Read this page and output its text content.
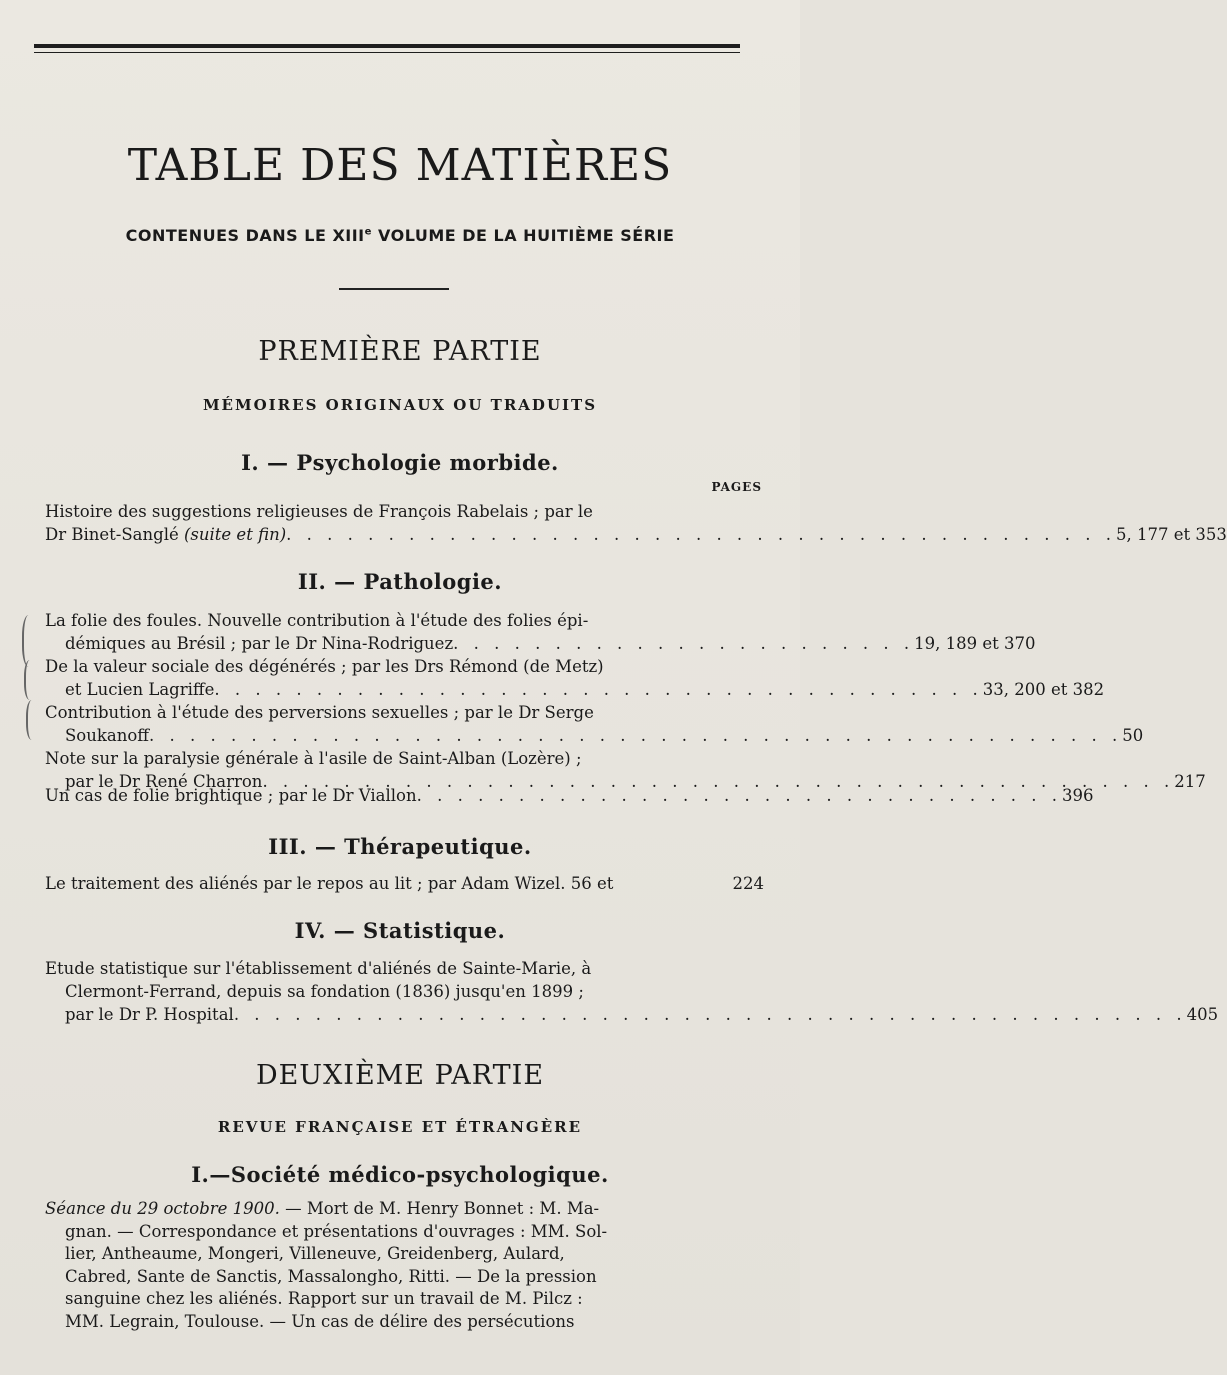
TABLE DES MATIÈRES
CONTENUES DANS LE XIIIe VOLUME DE LA HUITIÈME SÉRIE
PREMIÈRE PARTIE
MÉMOIRES ORIGINAUX OU TRADUITS
I. — Psychologie morbide.
PAGES
Histoire des suggestions religieuses de François Rabelais ; par le
Dr Binet-Sanglé (suite et fin) . . . . . . . . . . . . . . . . . . . . . . . . . . . . . . . . . . . . . . . . . 5, 177 et 353
II. — Pathologie.
La folie des foules. Nouvelle contribution à l'étude des folies épi-
démiques au Brésil ; par le Dr Nina-Rodriguez . . . . . . . . . . . . . . . . . . . . . . . 19, 189 et 370
De la valeur sociale des dégénérés ; par les Drs Rémond (de Metz)
et Lucien Lagriffe . . . . . . . . . . . . . . . . . . . . . . . . . . . . . . . . . . . . . . 33, 200 et 382
Contribution à l'étude des perversions sexuelles ; par le Dr Serge
Soukanoff . . . . . . . . . . . . . . . . . . . . . . . . . . . . . . . . . . . . . . . . . . . . . . . . 50
Note sur la paralysie générale à l'asile de Saint-Alban (Lozère) ;
par le Dr René Charron . . . . . . . . . . . . . . . . . . . . . . . . . . . . . . . . . . . . . . . . . . . . . 217
Un cas de folie brightique ; par le Dr Viallon . . . . . . . . . . . . . . . . . . . . . . . . . . . . . . . . 396
III. — Thérapeutique.
Le traitement des aliénés par le repos au lit ; par Adam Wizel. 56 et	224
IV. — Statistique.
Etude statistique sur l'établissement d'aliénés de Sainte-Marie, à
Clermont-Ferrand, depuis sa fondation (1836) jusqu'en 1899 ;
par le Dr P. Hospital . . . . . . . . . . . . . . . . . . . . . . . . . . . . . . . . . . . . . . . . . . . . . . . 405
DEUXIÈME PARTIE
REVUE FRANÇAISE ET ÉTRANGÈRE
I.—Société médico-psychologique.
Séance du 29 octobre 1900. — Mort de M. Henry Bonnet : M. Ma-
gnan. — Correspondance et présentations d'ouvrages : MM. Sol-
lier, Antheaume, Mongeri, Villeneuve, Greidenberg, Aulard,
Cabred, Sante de Sanctis, Massalongho, Ritti. — De la pression
sanguine chez les aliénés. Rapport sur un travail de M. Pilcz :
MM. Legrain, Toulouse. — Un cas de délire des persécutions
